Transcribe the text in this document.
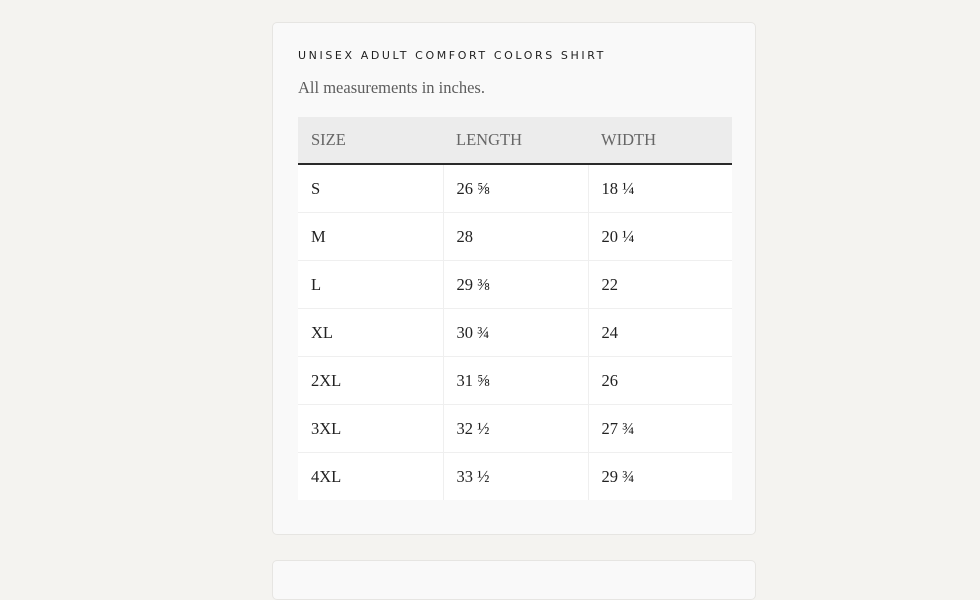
UNISEX ADULT COMFORT COLORS SHIRT

All measurements in inches.

SIZE	LENGTH	WIDTH
S	26 ⅝	18 ¼
M	28	20 ¼
L	29 ⅜	22
XL	30 ¾	24
2XL	31 ⅝	26
3XL	32 ½	27 ¾
4XL	33 ½	29 ¾
